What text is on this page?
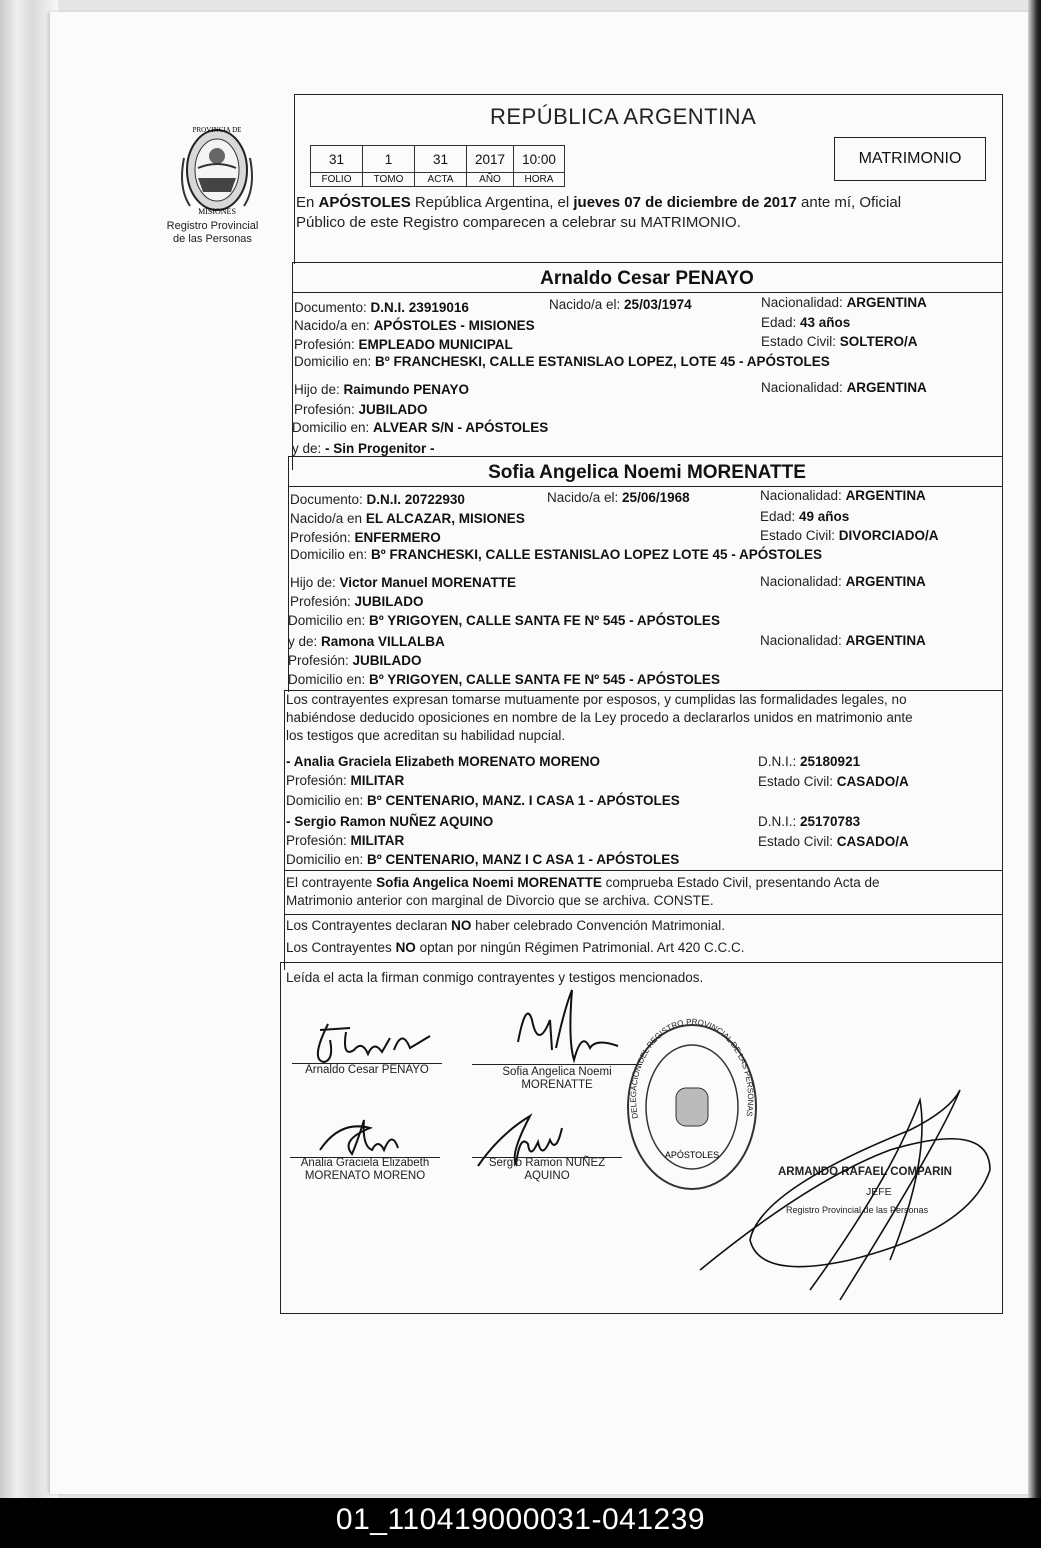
PROVINCIA DE
MISIONES
Registro Provincial
de las Personas
REPÚBLICA ARGENTINA
31	1	31	2017	10:00
FOLIO	TOMO	ACTA	AÑO	HORA
MATRIMONIO
En APÓSTOLES República Argentina, el jueves 07 de diciembre de 2017 ante mí, Oficial
Público de este Registro comparecen a celebrar su MATRIMONIO.
Arnaldo Cesar PENAYO
Documento: D.N.I. 23919016	Nacido/a el: 25/03/1974	Nacionalidad: ARGENTINA
Nacido/a en: APÓSTOLES - MISIONES	Edad: 43 años
Profesión: EMPLEADO MUNICIPAL	Estado Civil: SOLTERO/A
Domicilio en: Bº FRANCHESKI, CALLE ESTANISLAO LOPEZ, LOTE 45 - APÓSTOLES
Hijo de: Raimundo PENAYO	Nacionalidad: ARGENTINA
Profesión: JUBILADO
Domicilio en: ALVEAR S/N - APÓSTOLES
y de: - Sin Progenitor -
Sofia Angelica Noemi MORENATTE
Documento: D.N.I. 20722930	Nacido/a el: 25/06/1968	Nacionalidad: ARGENTINA
Nacido/a en EL ALCAZAR, MISIONES	Edad: 49 años
Profesión: ENFERMERO	Estado Civil: DIVORCIADO/A
Domicilio en: Bº FRANCHESKI, CALLE ESTANISLAO LOPEZ LOTE 45 - APÓSTOLES
Hijo de: Victor Manuel MORENATTE	Nacionalidad: ARGENTINA
Profesión: JUBILADO
Domicilio en: Bº YRIGOYEN, CALLE SANTA FE Nº 545 - APÓSTOLES
y de: Ramona VILLALBA	Nacionalidad: ARGENTINA
Profesión: JUBILADO
Domicilio en: Bº YRIGOYEN, CALLE SANTA FE Nº 545 - APÓSTOLES
Los contrayentes expresan tomarse mutuamente por esposos, y cumplidas las formalidades legales, no
habiéndose deducido oposiciones en nombre de la Ley procedo a declararlos unidos en matrimonio ante
los testigos que acreditan su habilidad nupcial.
- Analia Graciela Elizabeth MORENATO MORENO	D.N.I.: 25180921
Profesión: MILITAR	Estado Civil: CASADO/A
Domicilio en: Bº CENTENARIO, MANZ. I CASA 1 - APÓSTOLES
- Sergio Ramon NUÑEZ AQUINO	D.N.I.: 25170783
Profesión: MILITAR	Estado Civil: CASADO/A
Domicilio en: Bº CENTENARIO, MANZ I C ASA 1 - APÓSTOLES
El contrayente Sofia Angelica Noemi MORENATTE comprueba Estado Civil, presentando Acta de
Matrimonio anterior con marginal de Divorcio que se archiva. CONSTE.
Los Contrayentes declaran NO haber celebrado Convención Matrimonial.
Los Contrayentes NO optan por ningún Régimen Patrimonial. Art 420 C.C.C.
Leída el acta la firman conmigo contrayentes y testigos mencionados.
Arnaldo Cesar PENAYO	Sofia Angelica Noemi
MORENATTE
Analia Graciela Elizabeth
MORENATO MORENO
Sergio Ramon NUÑEZ
AQUINO
DELEGACIÓN DEL REGISTRO PROVINCIAL DE LAS PERSONAS
APÓSTOLES
ARMANDO RAFAEL COMPARIN
JEFE
Registro Provincial de las Personas
01_110419000031-041239
